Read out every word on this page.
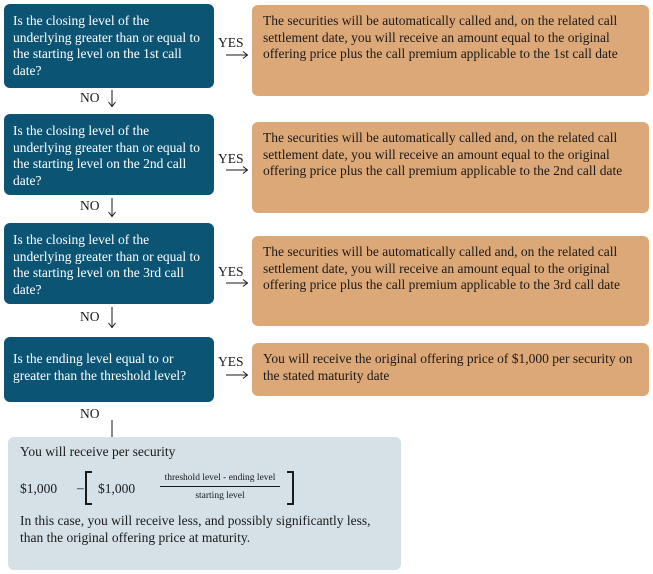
Is the closing level of the underlying greater than or equal to the starting level on the 1st call date?
YES
The securities will be automatically called and, on the related call settlement date, you will receive an amount equal to the original offering price plus the call premium applicable to the 1st call date
NO
Is the closing level of the underlying greater than or equal to the starting level on the 2nd call date?
YES
The securities will be automatically called and, on the related call settlement date, you will receive an amount equal to the original offering price plus the call premium applicable to the 2nd call date
NO
Is the closing level of the underlying greater than or equal to the starting level on the 3rd call date?
YES
The securities will be automatically called and, on the related call settlement date, you will receive an amount equal to the original offering price plus the call premium applicable to the 3rd call date
NO
Is the ending level equal to or greater than the threshold level?
YES	You will receive the original offering price of $1,000 per security on the stated maturity date
NO
You will receive per security
$1,000 – $1,000
threshold level - ending level
starting level
In this case, you will receive less, and possibly significantly less, than the original offering price at maturity.
